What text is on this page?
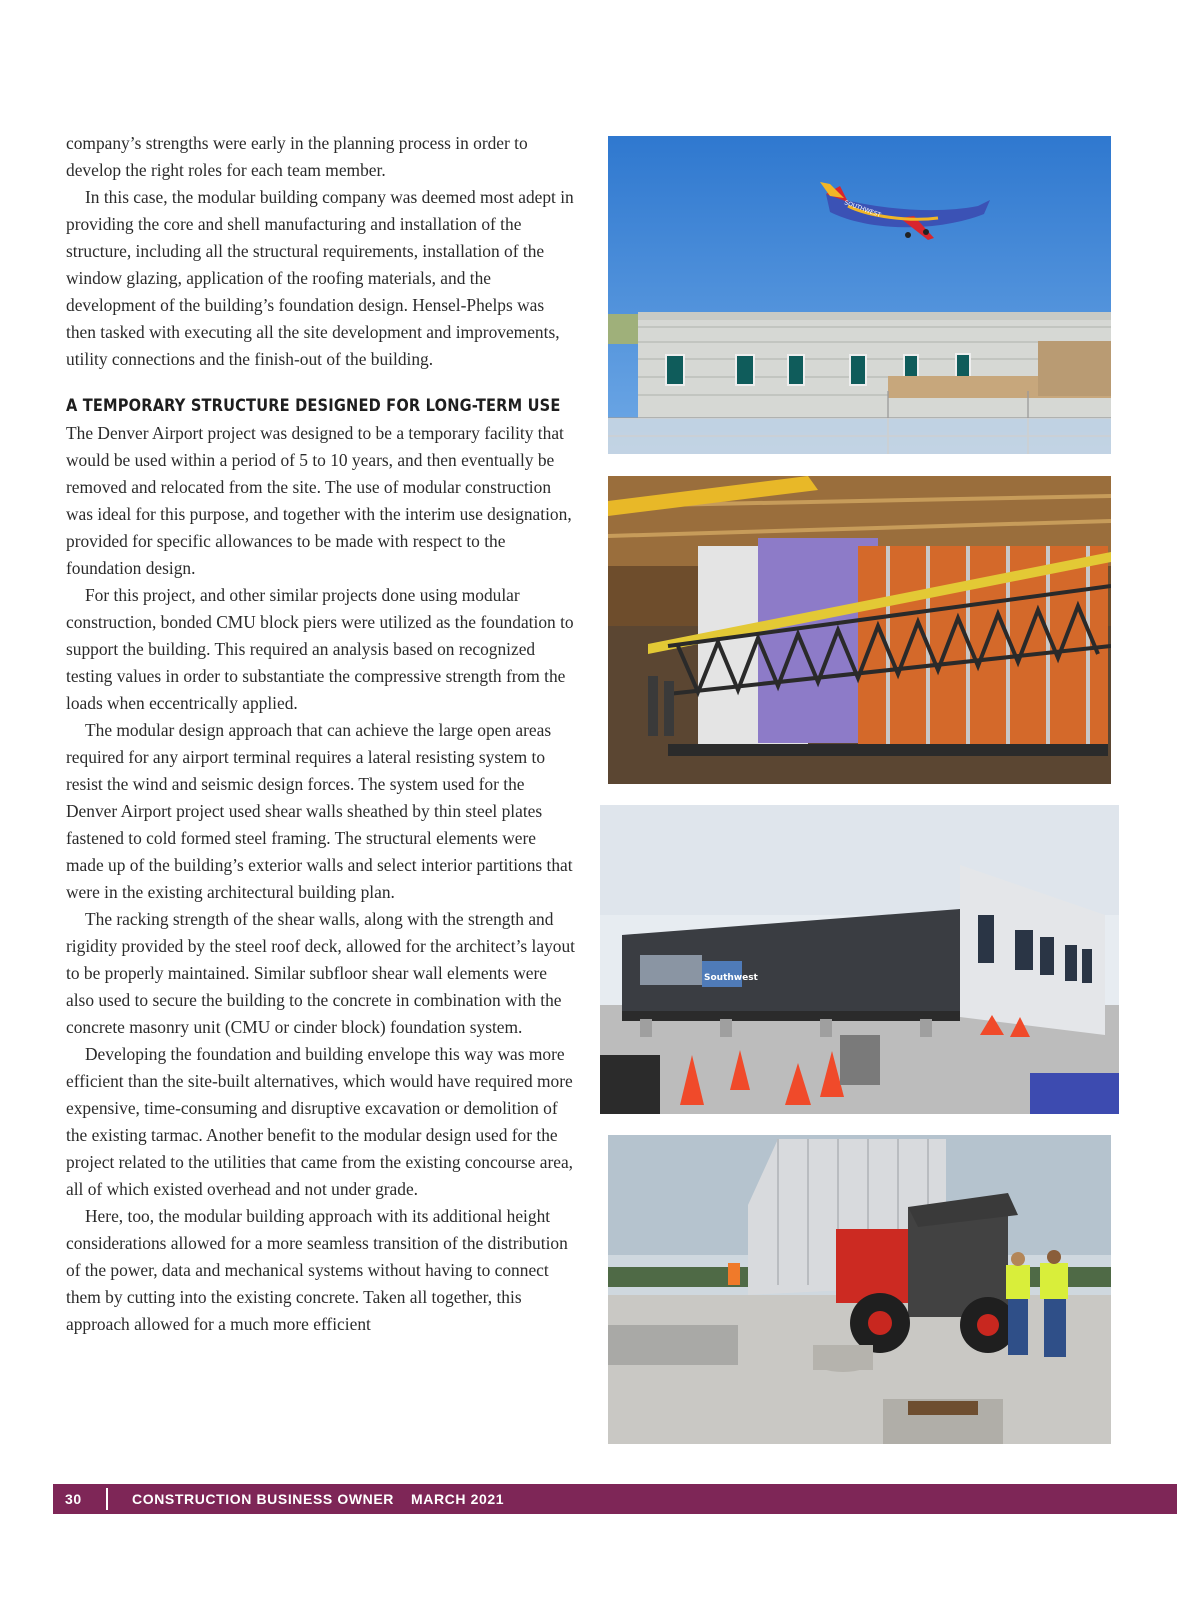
company’s strengths were early in the planning process in order to develop the right roles for each team member.

In this case, the modular building company was deemed most adept in providing the core and shell manufacturing and installation of the structure, including all the structural requirements, installation of the window glazing, application of the roofing materials, and the development of the building’s foundation design. Hensel-Phelps was then tasked with executing all the site development and improvements, utility connections and the finish-out of the building.

A TEMPORARY STRUCTURE DESIGNED FOR LONG-TERM USE

The Denver Airport project was designed to be a temporary facility that would be used within a period of 5 to 10 years, and then eventually be removed and relocated from the site. The use of modular construction was ideal for this purpose, and together with the interim use designation, provided for specific allowances to be made with respect to the foundation design.

For this project, and other similar projects done using modular construction, bonded CMU block piers were utilized as the foundation to support the building. This required an analysis based on recognized testing values in order to substantiate the compressive strength from the loads when eccentrically applied.

The modular design approach that can achieve the large open areas required for any airport terminal requires a lateral resisting system to resist the wind and seismic design forces. The system used for the Denver Airport project used shear walls sheathed by thin steel plates fastened to cold formed steel framing. The structural elements were made up of the building’s exterior walls and select interior partitions that were in the existing architectural building plan.

The racking strength of the shear walls, along with the strength and rigidity provided by the steel roof deck, allowed for the architect’s layout to be properly maintained. Similar subfloor shear wall elements were also used to secure the building to the concrete in combination with the concrete masonry unit (CMU or cinder block) foundation system.

Developing the foundation and building envelope this way was more efficient than the site-built alternatives, which would have required more expensive, time-consuming and disruptive excavation or demolition of the existing tarmac. Another benefit to the modular design used for the project related to the utilities that came from the existing concourse area, all of which existed overhead and not under grade.

Here, too, the modular building approach with its additional height considerations allowed for a more seamless transition of the distribution of the power, data and mechanical systems without having to connect them by cutting into the existing concrete. Taken all together, this approach allowed for a much more efficient

SOUTHWEST
Southwest
30	CONSTRUCTION BUSINESS OWNER MARCH 2021
